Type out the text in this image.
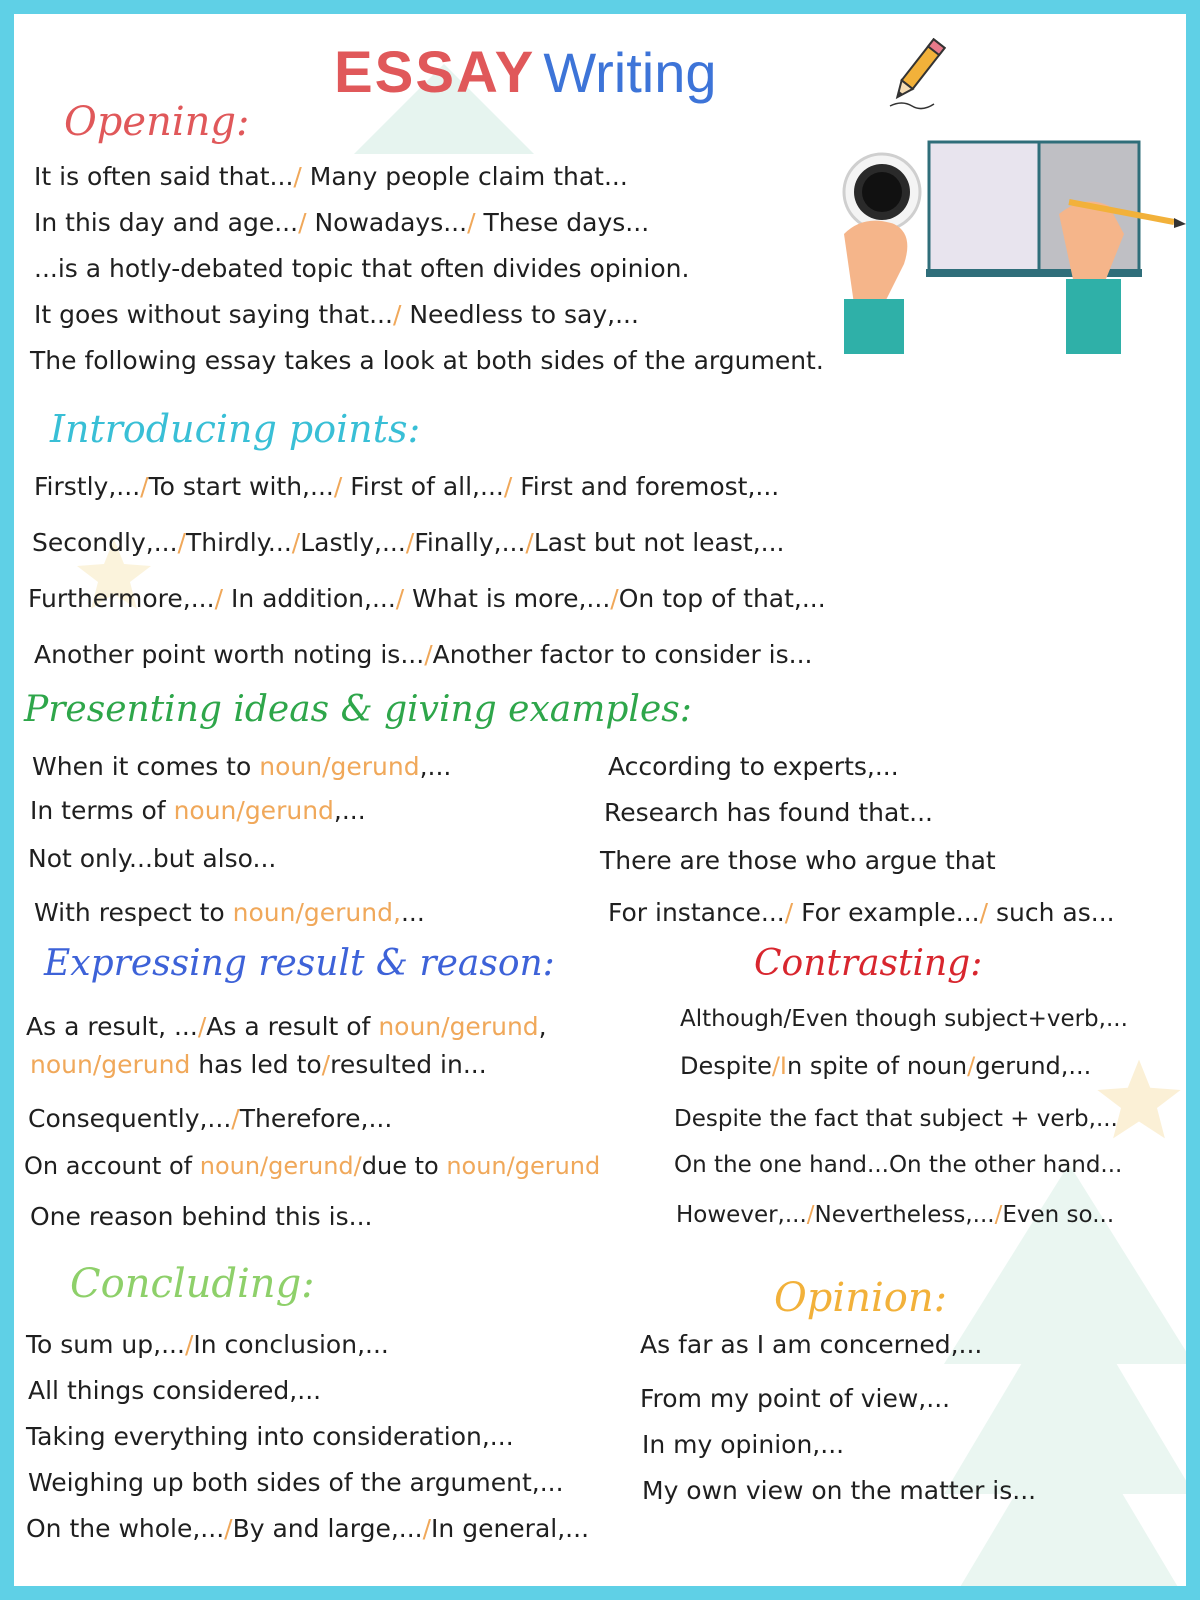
ESSAY Writing
Opening:
It is often said that.../ Many people claim that...
In this day and age.../ Nowadays.../ These days...
...is a hotly-debated topic that often divides opinion.
It goes without saying that.../ Needless to say,...
The following essay takes a look at both sides of the argument.
Introducing points:
Firstly,.../To start with,.../ First of all,.../ First and foremost,...
Secondly,.../Thirdly.../Lastly,.../Finally,.../Last but not least,...
Furthermore,.../ In addition,.../ What is more,.../On top of that,...
Another point worth noting is.../Another factor to consider is...
Presenting ideas & giving examples:
When it comes to noun/gerund,...
In terms of noun/gerund,...
Not only...but also...
With respect to noun/gerund,...
According to experts,...
Research has found that...
There are those who argue that
For instance.../ For example.../ such as...
Expressing result & reason:
As a result, .../As a result of noun/gerund,
noun/gerund has led to/resulted in...
Consequently,.../Therefore,...
On account of noun/gerund/due to noun/gerund
One reason behind this is...
Contrasting:
Although/Even though subject+verb,...
Despite/In spite of noun/gerund,...
Despite the fact that subject + verb,...
On the one hand...On the other hand...
However,.../Nevertheless,.../Even so...
Concluding:
To sum up,.../In conclusion,...
All things considered,...
Taking everything into consideration,...
Weighing up both sides of the argument,...
On the whole,.../By and large,.../In general,...
Opinion:
As far as I am concerned,...
From my point of view,...
In my opinion,...
My own view on the matter is...
